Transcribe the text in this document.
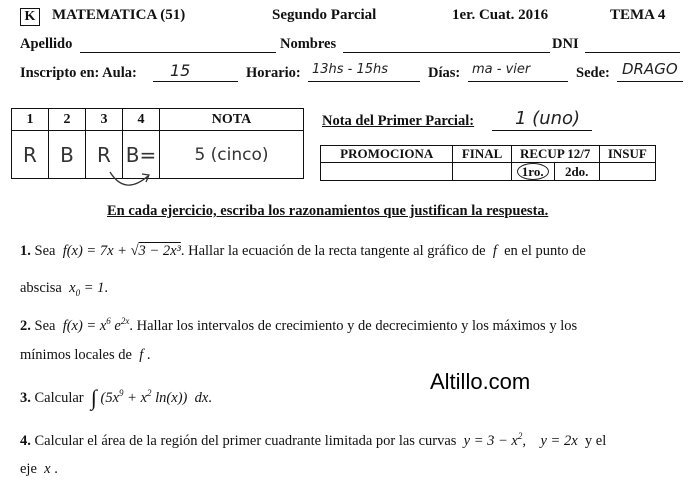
K	MATEMATICA (51)	Segundo Parcial	1er. Cuat. 2016	TEMA 4
Apellido	Nombres	DNI
Inscripto en: Aula: 15	Horario: 13hs - 15hs	Días: ma - vier	Sede: DRAGO
1	2	3	4	NOTA
R	B	R	B=	5 (cinco)
Nota del Primer Parcial: 1 (uno)
PROMOCIONA	FINAL	RECUP 12/7		INSUF
		1ro.	2do.	
En cada ejercicio, escriba los razonamientos que justifican la respuesta.
1. Sea  f(x) = 7x + √3 − 2x³. Hallar la ecuación de la recta tangente al gráfico de  f  en el punto de
abscisa  $x_0 = 1$.
2. Sea  $f(x) = x^6$ $e^{2x}$. Hallar los intervalos de crecimiento y de decrecimiento y los máximos y los
mínimos locales de  f .
3. Calcular ∫ ($5x^9 + x^2$ ln(x))  dx.
Altillo.com
4. Calcular el área de la región del primer cuadrante limitada por las curvas  $y = 3 - x^2$,    y = 2x y el
eje  x .
